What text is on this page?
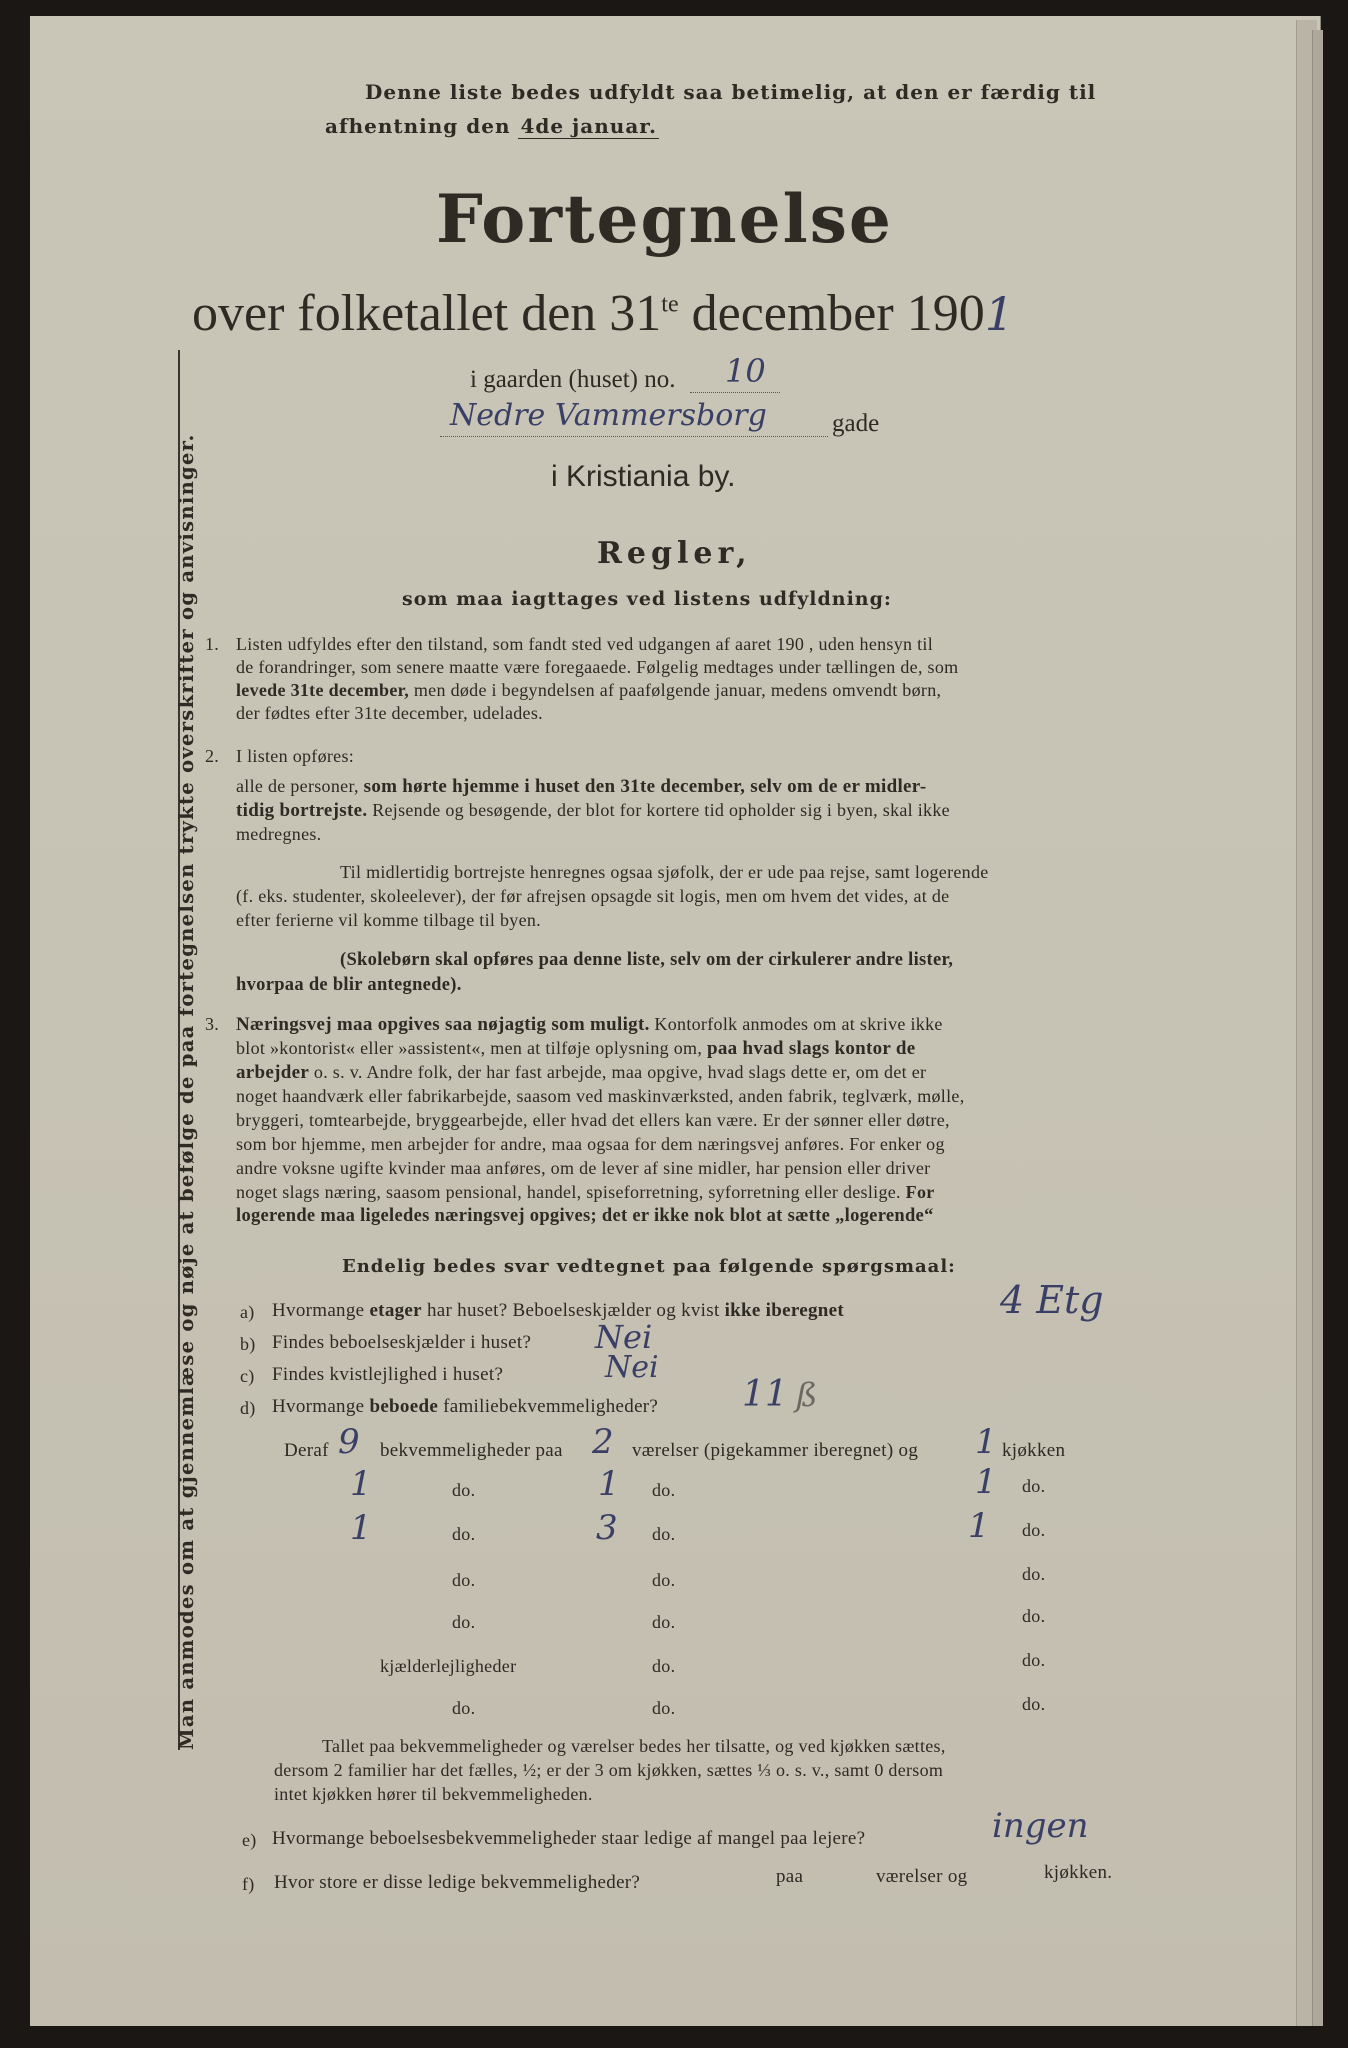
Man anmodes om at gjennemlæse og nøje at befølge de paa fortegnelsen trykte overskrifter og anvisninger.
Denne liste bedes udfyldt saa betimelig, at den er færdig til
afhentning den 4de januar.
Fortegnelse
over folketallet den $31^{te}$ december 1901
i gaarden (huset) no. 10
Nedre Vammersborg	gade
i Kristiania by.
Regler,
som maa iagttages ved listens udfyldning:
1. Listen udfyldes efter den tilstand, som fandt sted ved udgangen af aaret 190 , uden hensyn til
de forandringer, som senere maatte være foregaaede. Følgelig medtages under tællingen de, som
levede 31te december, men døde i begyndelsen af paafølgende januar, medens omvendt børn,
der fødtes efter 31te december, udelades.
2. I listen opføres:
alle de personer, som hørte hjemme i huset den 31te december, selv om de er midler-
tidig bortrejste. Rejsende og besøgende, der blot for kortere tid opholder sig i byen, skal ikke
medregnes.
Til midlertidig bortrejste henregnes ogsaa sjøfolk, der er ude paa rejse, samt logerende
(f. eks. studenter, skoleelever), der før afrejsen opsagde sit logis, men om hvem det vides, at de
efter ferierne vil komme tilbage til byen.
(Skolebørn skal opføres paa denne liste, selv om der cirkulerer andre lister,
hvorpaa de blir antegnede).
3. Næringsvej maa opgives saa nøjagtig som muligt. Kontorfolk anmodes om at skrive ikke
blot »kontorist« eller »assistent«, men at tilføje oplysning om, paa hvad slags kontor de
arbejder o. s. v. Andre folk, der har fast arbejde, maa opgive, hvad slags dette er, om det er
noget haandværk eller fabrikarbejde, saasom ved maskinværksted, anden fabrik, teglværk, mølle,
bryggeri, tomtearbejde, bryggearbejde, eller hvad det ellers kan være. Er der sønner eller døtre,
som bor hjemme, men arbejder for andre, maa ogsaa for dem næringsvej anføres. For enker og
andre voksne ugifte kvinder maa anføres, om de lever af sine midler, har pension eller driver
noget slags næring, saasom pensional, handel, spiseforretning, syforretning eller deslige. For
logerende maa ligeledes næringsvej opgives; det er ikke nok blot at sætte „logerende“
Endelig bedes svar vedtegnet paa følgende spørgsmaal:
a) Hvormange etager har huset? Beboelseskjælder og kvist ikke iberegnet	4 Etg
b) Findes beboelseskjælder i huset? Nei
c) Findes kvistlejlighed i huset?	Nei
d) Hvormange beboede familiebekvemmeligheder? 11 ß
Deraf 9 bekvemmeligheder paa 2 værelser (pigekammer iberegnet) og 1 kjøkken
1	do.	1 do.	1 do.
1	do.	3 do.	1 do.
do.	do.	do.
do.	do.	do.
kjælderlejligheder	do.	do.
do.	do.	do.
Tallet paa bekvemmeligheder og værelser bedes her tilsatte, og ved kjøkken sættes,
dersom 2 familier har det fælles, ½; er der 3 om kjøkken, sættes ⅓ o. s. v., samt 0 dersom
intet kjøkken hører til bekvemmeligheden.
e) Hvormange beboelsesbekvemmeligheder staar ledige af mangel paa lejere?	ingen
f) Hvor store er disse ledige bekvemmeligheder?	paa	værelser og	kjøkken.
